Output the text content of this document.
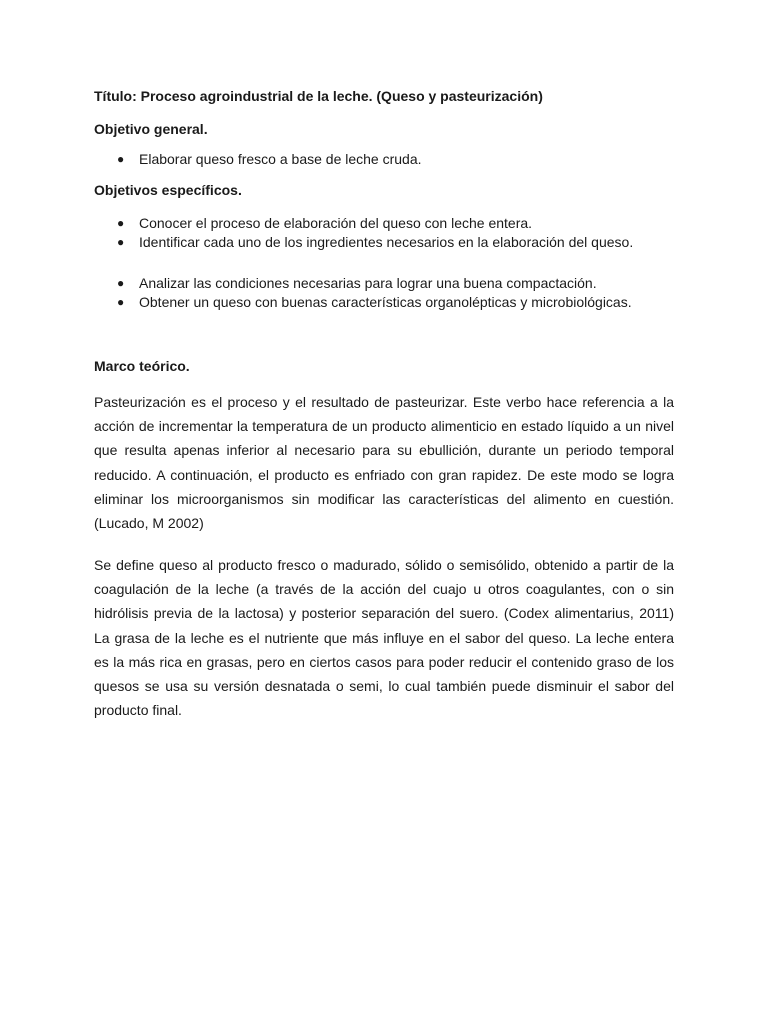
Título: Proceso agroindustrial de la leche. (Queso y pasteurización)

Objetivo general.

● Elaborar queso fresco a base de leche cruda.

Objetivos específicos.

● Conocer el proceso de elaboración del queso con leche entera.
● Identificar cada uno de los ingredientes necesarios en la elaboración del queso.
● Analizar las condiciones necesarias para lograr una buena compactación.
● Obtener un queso con buenas características organolépticas y microbiológicas.

Marco teórico.

Pasteurización es el proceso y el resultado de pasteurizar. Este verbo hace referencia a la acción de incrementar la temperatura de un producto alimenticio en estado líquido a un nivel que resulta apenas inferior al necesario para su ebullición, durante un periodo temporal reducido. A continuación, el producto es enfriado con gran rapidez. De este modo se logra eliminar los microorganismos sin modificar las características del alimento en cuestión. (Lucado, M 2002)

Se define queso al producto fresco o madurado, sólido o semisólido, obtenido a partir de la coagulación de la leche (a través de la acción del cuajo u otros coagulantes, con o sin hidrólisis previa de la lactosa) y posterior separación del suero. (Codex alimentarius, 2011) La grasa de la leche es el nutriente que más influye en el sabor del queso. La leche entera es la más rica en grasas, pero en ciertos casos para poder reducir el contenido graso de los quesos se usa su versión desnatada o semi, lo cual también puede disminuir el sabor del producto final.
